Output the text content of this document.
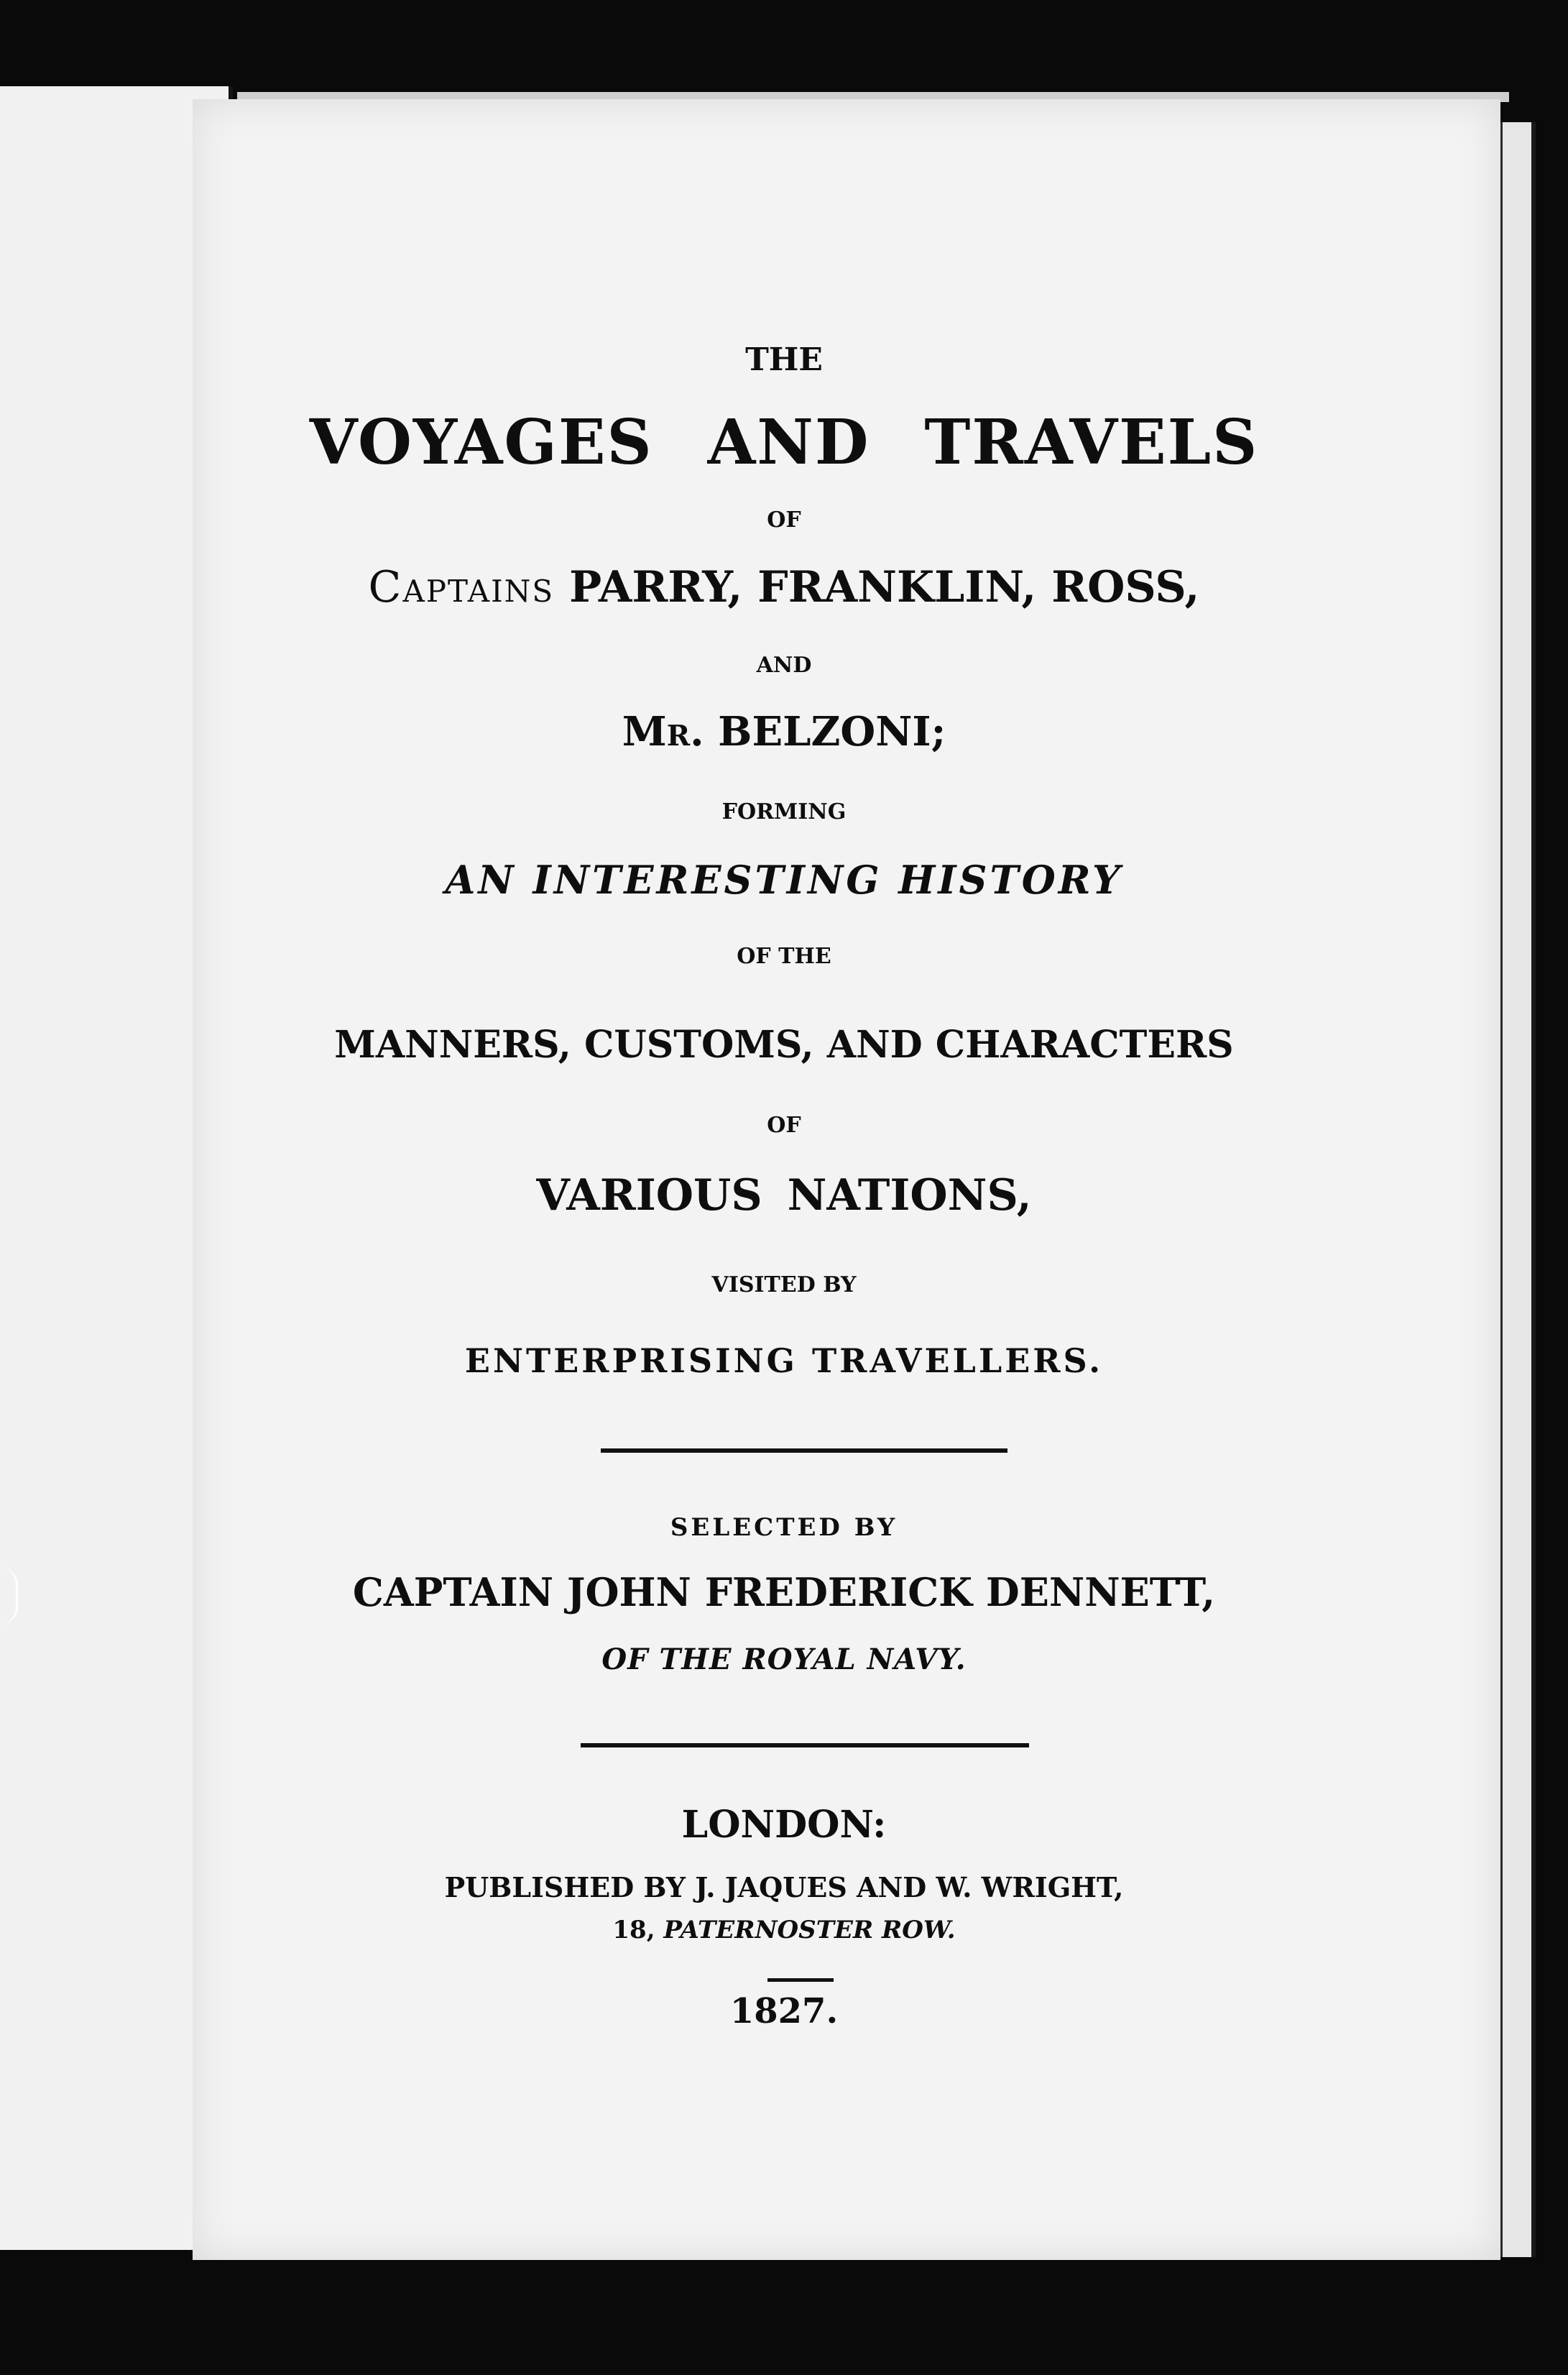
THE
VOYAGES AND TRAVELS
OF
Captains PARRY, FRANKLIN, ROSS,
AND
Mr. BELZONI;
FORMING
AN INTERESTING HISTORY
OF THE
MANNERS, CUSTOMS, AND CHARACTERS
OF
VARIOUS NATIONS,
VISITED BY
ENTERPRISING TRAVELLERS.
SELECTED BY
CAPTAIN JOHN FREDERICK DENNETT,
OF THE ROYAL NAVY.
LONDON:
PUBLISHED BY J. JAQUES AND W. WRIGHT,
18, PATERNOSTER ROW.
1827.
